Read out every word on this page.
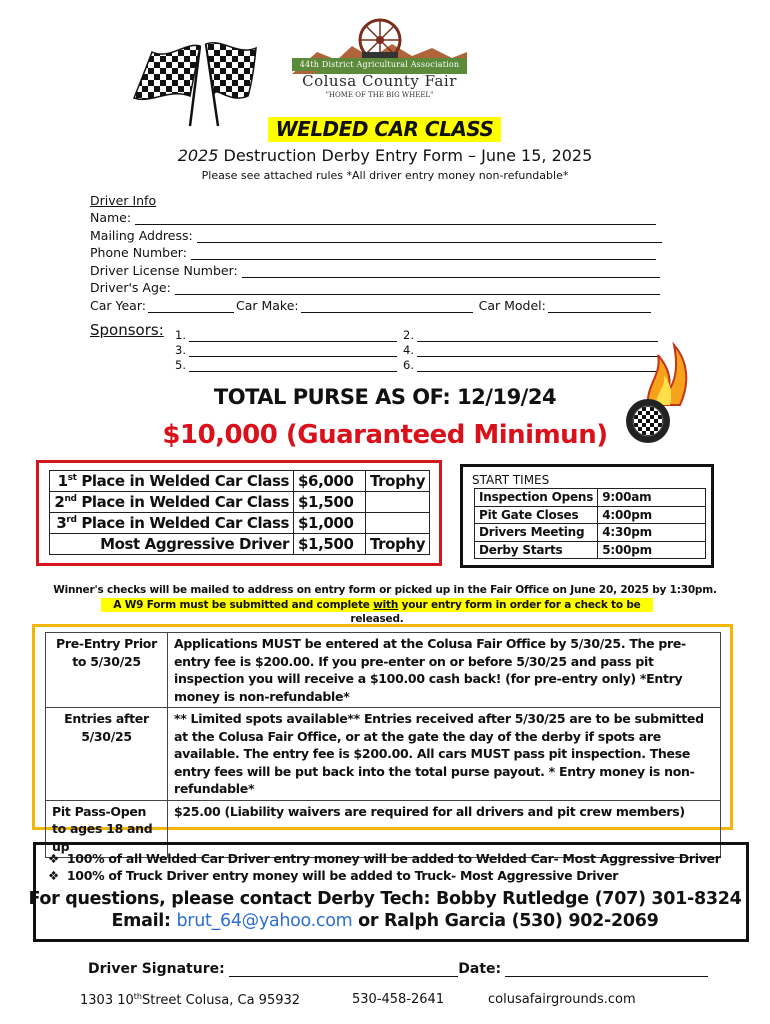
44th District Agricultural Association
Colusa County Fair
"HOME OF THE BIG WHEEL"
WELDED CAR CLASS
2025 Destruction Derby Entry Form – June 15, 2025
Please see attached rules *All driver entry money non-refundable*
Driver Info
Name:
Mailing Address:
Phone Number:
Driver License Number:
Driver's Age:
Car Year:	Car Make:	Car Model:
Sponsors: 1.	2.
3.	4.
5.	6.
TOTAL PURSE AS OF: 12/19/24
$10,000 (Guaranteed Minimun)
1st Place in Welded Car Class	$6,000	Trophy
2nd Place in Welded Car Class	$1,500	
3rd Place in Welded Car Class	$1,000	
Most Aggressive Driver	$1,500	Trophy
START TIMES
Inspection Opens	9:00am
Pit Gate Closes	4:00pm
Drivers Meeting	4:30pm
Derby Starts	5:00pm
Winner's checks will be mailed to address on entry form or picked up in the Fair Office on June 20, 2025 by 1:30pm.
A W9 Form must be submitted and complete with your entry form in order for a check to be released.
Pre-Entry Prior to 5/30/25	Applications MUST be entered at the Colusa Fair Office by 5/30/25. The pre-entry fee is $200.00. If you pre-enter on or before 5/30/25 and pass pit inspection you will receive a $100.00 cash back! (for pre-entry only) *Entry money is non-refundable*
Entries after 5/30/25	** Limited spots available** Entries received after 5/30/25 are to be submitted at the Colusa Fair Office, or at the gate the day of the derby if spots are available. The entry fee is $200.00. All cars MUST pass pit inspection. These entry fees will be put back into the total purse payout. * Entry money is non-refundable*
Pit Pass-Open to ages 18 and up	$25.00 (Liability waivers are required for all drivers and pit crew members)
❖ 100% of all Welded Car Driver entry money will be added to Welded Car- Most Aggressive Driver
❖ 100% of Truck Driver entry money will be added to Truck- Most Aggressive Driver
For questions, please contact Derby Tech: Bobby Rutledge (707) 301-8324
Email: brut_64@yahoo.com or Ralph Garcia (530) 902-2069
Driver Signature:	Date:
1303 10thStreet Colusa, Ca 95932	530-458-2641	colusafairgrounds.com
